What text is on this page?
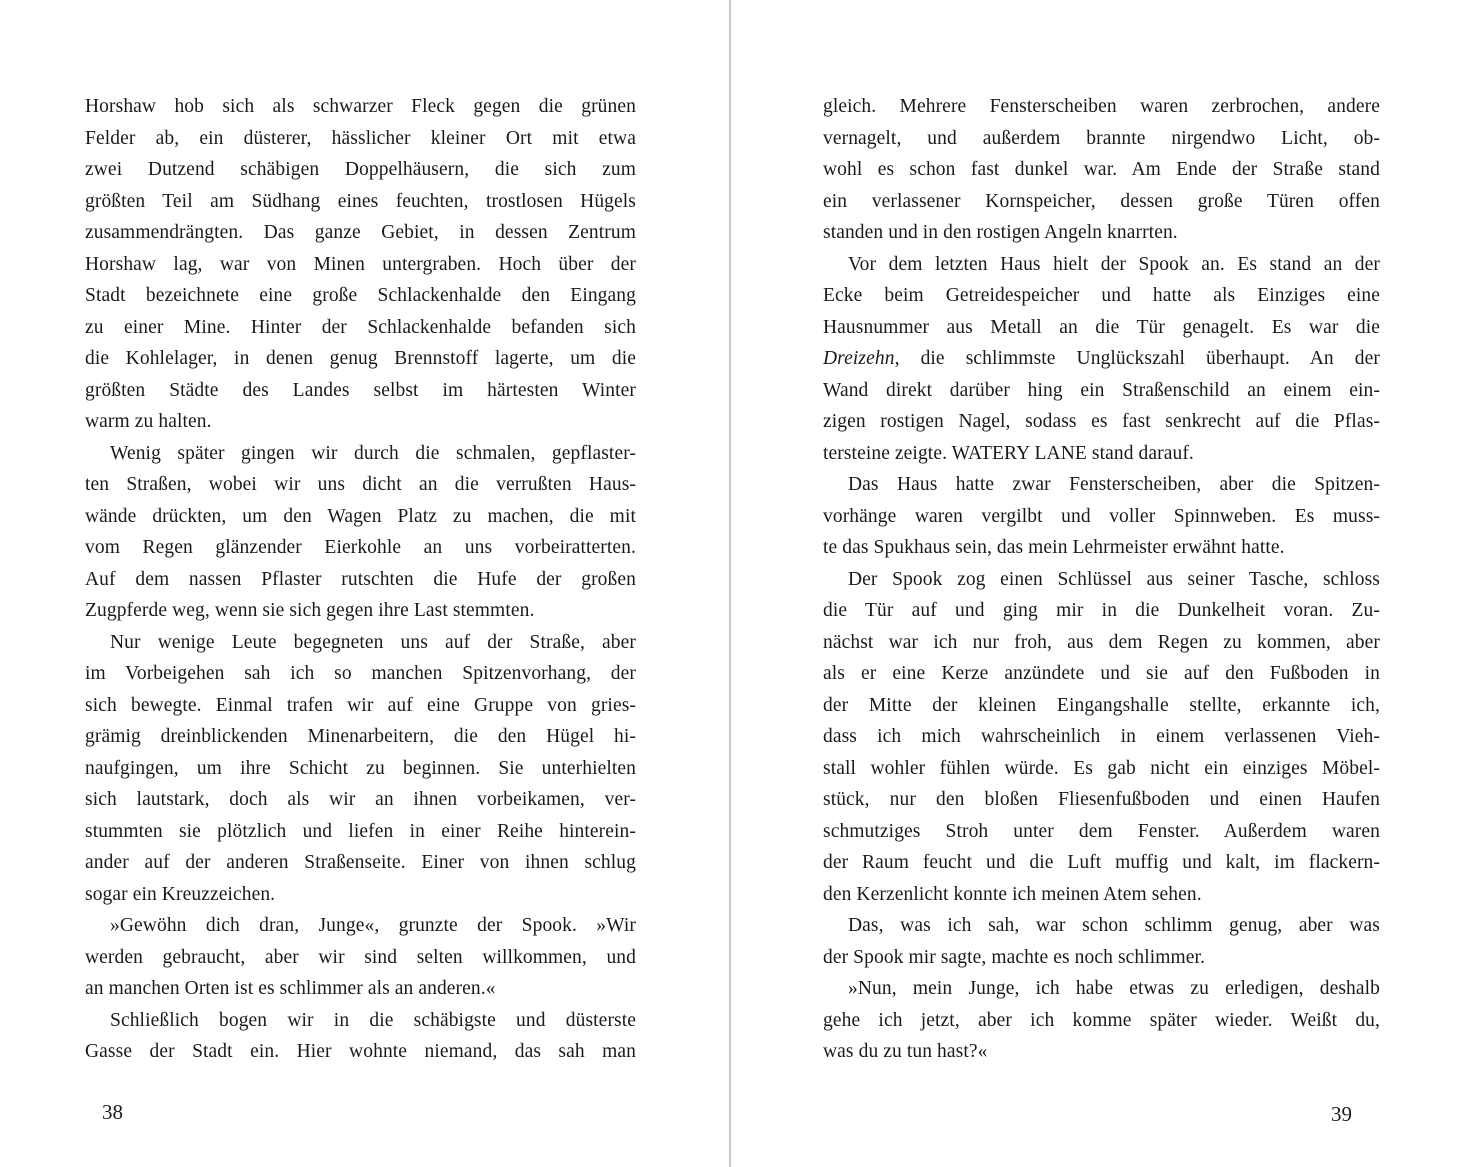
Horshaw hob sich als schwarzer Fleck gegen die grünen
Felder ab, ein düsterer, hässlicher kleiner Ort mit etwa
zwei Dutzend schäbigen Doppelhäusern, die sich zum
größten Teil am Südhang eines feuchten, trostlosen Hügels
zusammendrängten. Das ganze Gebiet, in dessen Zentrum
Horshaw lag, war von Minen untergraben. Hoch über der
Stadt bezeichnete eine große Schlackenhalde den Eingang
zu einer Mine. Hinter der Schlackenhalde befanden sich
die Kohlelager, in denen genug Brennstoff lagerte, um die
größten Städte des Landes selbst im härtesten Winter
warm zu halten.
Wenig später gingen wir durch die schmalen, gepflaster-
ten Straßen, wobei wir uns dicht an die verrußten Haus-
wände drückten, um den Wagen Platz zu machen, die mit
vom Regen glänzender Eierkohle an uns vorbeiratterten.
Auf dem nassen Pflaster rutschten die Hufe der großen
Zugpferde weg, wenn sie sich gegen ihre Last stemmten.
Nur wenige Leute begegneten uns auf der Straße, aber
im Vorbeigehen sah ich so manchen Spitzenvorhang, der
sich bewegte. Einmal trafen wir auf eine Gruppe von gries-
grämig dreinblickenden Minenarbeitern, die den Hügel hi-
naufgingen, um ihre Schicht zu beginnen. Sie unterhielten
sich lautstark, doch als wir an ihnen vorbeikamen, ver-
stummten sie plötzlich und liefen in einer Reihe hinterein-
ander auf der anderen Straßenseite. Einer von ihnen schlug
sogar ein Kreuzzeichen.
»Gewöhn dich dran, Junge«, grunzte der Spook. »Wir
werden gebraucht, aber wir sind selten willkommen, und
an manchen Orten ist es schlimmer als an anderen.«
Schließlich bogen wir in die schäbigste und düsterste
Gasse der Stadt ein. Hier wohnte niemand, das sah man
gleich. Mehrere Fensterscheiben waren zerbrochen, andere
vernagelt, und außerdem brannte nirgendwo Licht, ob-
wohl es schon fast dunkel war. Am Ende der Straße stand
ein verlassener Kornspeicher, dessen große Türen offen
standen und in den rostigen Angeln knarrten.
Vor dem letzten Haus hielt der Spook an. Es stand an der
Ecke beim Getreidespeicher und hatte als Einziges eine
Hausnummer aus Metall an die Tür genagelt. Es war die
Dreizehn, die schlimmste Unglückszahl überhaupt. An der
Wand direkt darüber hing ein Straßenschild an einem ein-
zigen rostigen Nagel, sodass es fast senkrecht auf die Pflas-
tersteine zeigte. WATERY LANE stand darauf.
Das Haus hatte zwar Fensterscheiben, aber die Spitzen-
vorhänge waren vergilbt und voller Spinnweben. Es muss-
te das Spukhaus sein, das mein Lehrmeister erwähnt hatte.
Der Spook zog einen Schlüssel aus seiner Tasche, schloss
die Tür auf und ging mir in die Dunkelheit voran. Zu-
nächst war ich nur froh, aus dem Regen zu kommen, aber
als er eine Kerze anzündete und sie auf den Fußboden in
der Mitte der kleinen Eingangshalle stellte, erkannte ich,
dass ich mich wahrscheinlich in einem verlassenen Vieh-
stall wohler fühlen würde. Es gab nicht ein einziges Möbel-
stück, nur den bloßen Fliesenfußboden und einen Haufen
schmutziges Stroh unter dem Fenster. Außerdem waren
der Raum feucht und die Luft muffig und kalt, im flackern-
den Kerzenlicht konnte ich meinen Atem sehen.
Das, was ich sah, war schon schlimm genug, aber was
der Spook mir sagte, machte es noch schlimmer.
»Nun, mein Junge, ich habe etwas zu erledigen, deshalb
gehe ich jetzt, aber ich komme später wieder. Weißt du,
was du zu tun hast?«
38	39
